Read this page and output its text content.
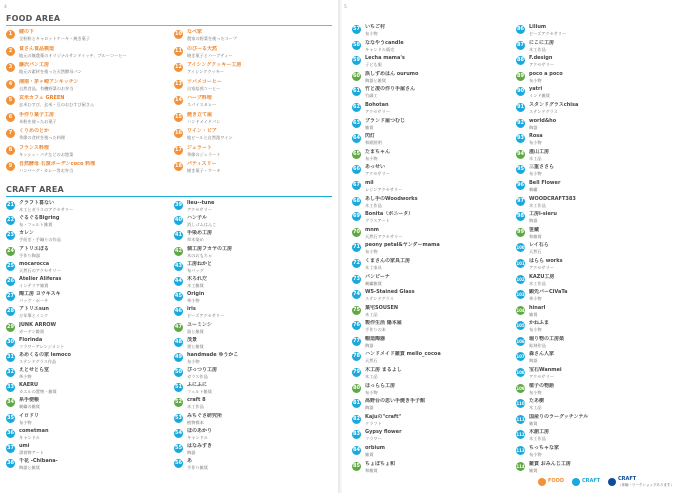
4
FOOD AREA
1	健の下
全粒粉とキャロットケーキ・焼き菓子
2	食さん食品模造
地元の無農薬のオリジナルサンドイッチ、ブルーコーヒー
3	藤沢パン工房
地元の素材を使った天然酵母パン
4	湘南・茅ヶ崎アンキッチン
自然食品、有機野菜のお弁当
5	玄米カフェ GREEN
玄米むすび、玄米・豆のおむすび屋さん
6	手作り菓子工房
米粉を使ったお菓子
7	くりめのとか
季節の食材を使った料理
8	フランス料理
キッシュ・パテなどのお惣菜
9	自然酵母 石窯ボーデンcoco 料理
ハンバーグ・カレー等お弁当
10 なべ家
農家の野菜を使ったスープ
11 のびーる天然
焼き菓子とハーブティー
12 アイシングクッキー工房
アイシングクッキー
13 ツバメコーヒー
自家焙煎コーヒー
14 ハーブ料理
スパイスカレー
15 焼き立て屋
ハンドメイドパン
16 ワイン・ビア
地ビールと自然派ワイン
17 ジェラート
季節のジェラート
18 パティスリー
焼き菓子・ケーキ
CRAFT AREA
21 クラフト喜ない
木工とガラスのアクセサリー
22 ぐるぐるBigring
布・フェルト雑貨
23 カレン
手紡ぎ・手織りの作品
24 アトリエぼる
手作り陶器
25 mocarocca
天然石のアクセサリー
26 Atelier Aliferas
インテリア雑貨
27 陶工房 ヨウキスキ
バッグ・ポーチ
28 アトリエsun
万年筆とインク
29 JUNK ARROW
ガーデン雑貨
30 Florinda
フラワーアレンジメント
31 あめくるの家 lemoco
ステンドグラス作品
32 えとせとら堂
革小物
33 KAERU
カエルの置物・雑貨
34 糸手便帳
刺繍の雑貨
35 イロドリ
布小物
36 cometman
キャンドル
37 umi
漂着物アート
38 千花 -Chibana-
陶器と雑貨
39 lieu--tune
アクセサリー
40 ハン子ル
消しゴムはんこ
41 手染め工房
草木染め
42 個工房フカヤの工房
木のおもちゃ
43 工房ねかと
布バッグ
44 木ろれだ
木工雑貨
45 Origin
革小物
46 iris
ビーズアクセサリー
47 ユーミンシ
器と雑貨
48 茂景
書と雑貨
49 handmade ゆうかこ
布小物
50 ぴっつり工房
ガラス作品
51 ふにふに
フェルト雑貨
52 craft 8
木工作品
53 みちぐさ研究所
植物標本
54 ほのあかり
キャンドル
55 はなみずき
陶器
56 あ
手作り雑貨
5
57 いちご村
布小物
58 ななやうcandle
キャンドル販売
59 Lecha mama's
子ども服
60 浜しずめはん ourumo
陶器と雑貨
61 竹と凌の作り手屋さん
竹細工
62 Bohotan
アクセサリー
63 ブランド屋つむじ
雑貨
64 閃灯
和紙照明
65 たまちゃん
布小物
66 あっせい
アクセサリー
67 mil
レジンアクセサリー
68 あし手のWoodworks
木工作品
69 Bonita（ボニータ）
グラスアート
70 mnm
天然石アクセサリー
71 peony petal&ヤンダーmama
布小物
72 くまさんの家具工房
木工家具
73 バンビーナ
刺繍雑貨
74 W5-Stained Glass
ステンドグラス
75 葉宅SOUSEN
木工品
76 製作生活 陽本屋
手作りの本
77 帽造陶器
陶器
78 ハンドメイド雑貨 mello_cocoa
天然石
79 木工房 まるよし
木工品
80 ほっらら工房
布小物
81 高野台の思い手焼き手子館
陶器
82 Kajuの"craft"
クラフト
83 Gypsy flower
フラワー
84 orbium
雑貨
85 ちょぼちょ和
和雑貨
86 Lilium
ビーズアクセサリー
87 にこに工房
木工作品
88 F.design
アクセサリー
89 poco a poco
布小物
90 yatri
インド雑貨
91 スタンドグラスchisa
ステンドグラス
92 world&ho
陶器
93 Rosa
布小物
94 滋山工房
木工品
95 三重ささら
布小物
96 Bell Flower
刺繍
97 WOODCRAFT383
木工作品
98 工房i-sieru
陶器
99 笹蔵
和雑貨
100 レイ石ら
天然石
101 はらら works
アクセサリー
102 KAZU工房
木工作品
103 顕先バーCiVaTa
革小物
104 hinarl
雑貨
105 かねふま
布小物
106 堀り物の工房楽
彫刻作品
107 森さん人家
陶器
108 宝石Wanmei
アクセサリー
109 植子の物語
布小物
110 たあ樹
木工品
111 国産りのラーグッチンテル
雑貨
112 木創工房
木工作品
113 ちっちゃな家
布小物
114 雑貨 おみんじ工房
雑貨
FOOD	CRAFT	CRAFT
（体験・ワークショップあります）
